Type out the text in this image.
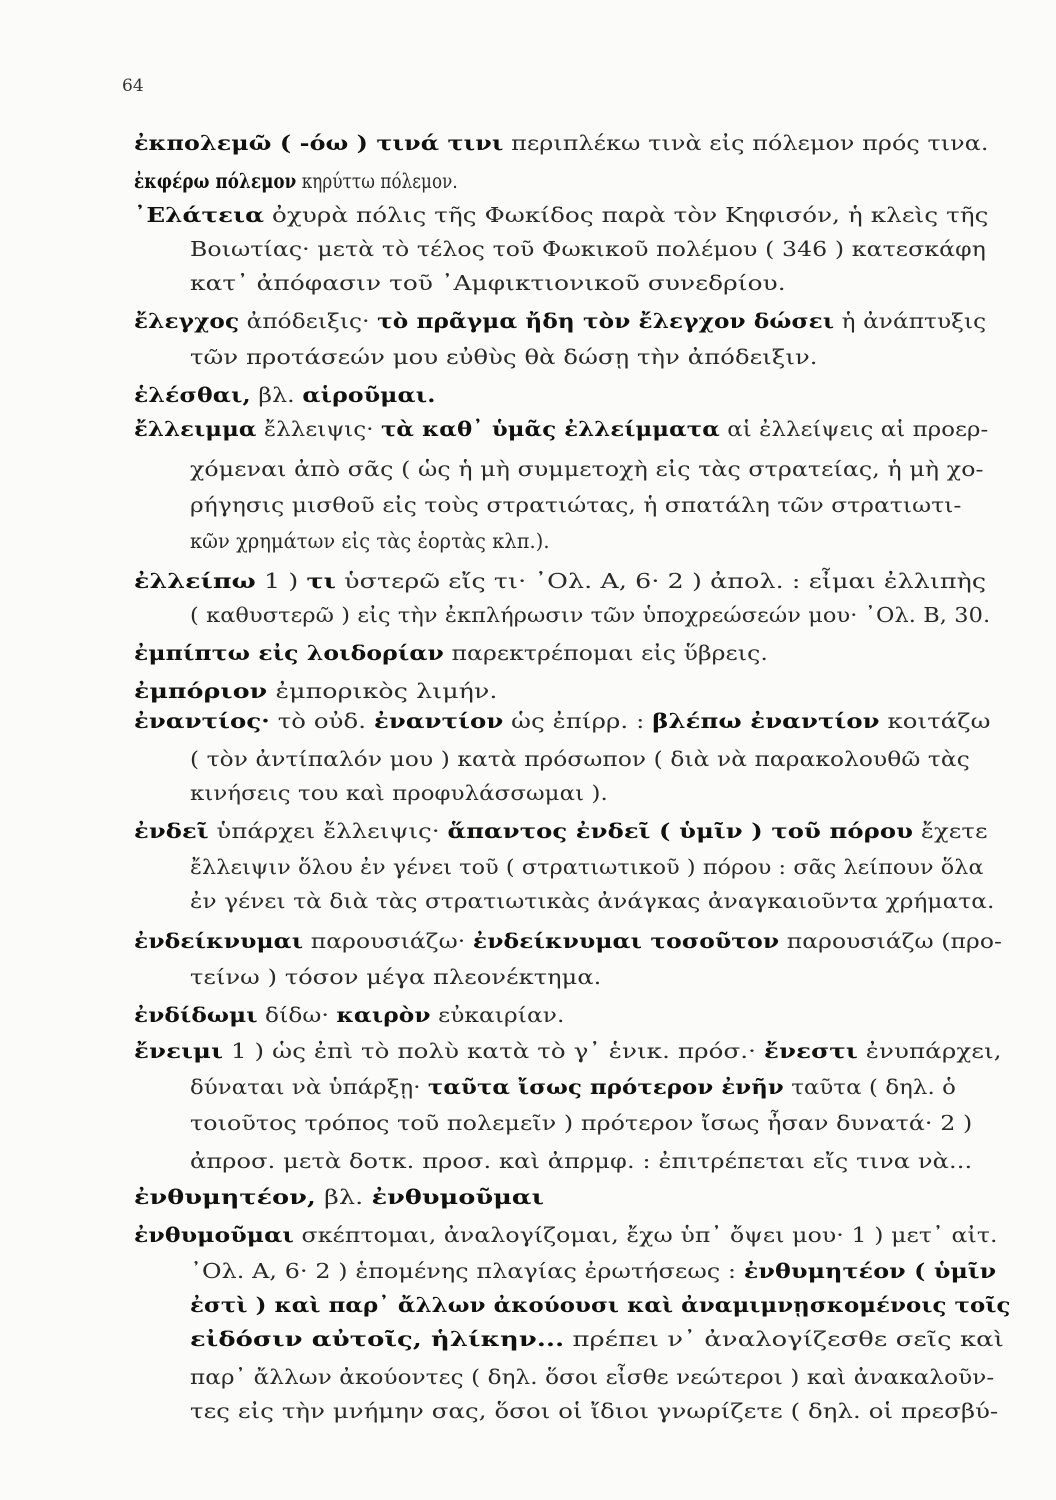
64
ἐκπολεμῶ ( -όω ) τινά τινι περιπλέκω τινὰ εἰς πόλεμον πρός τινα.
ἐκφέρω πόλεμον κηρύττω πόλεμον.
᾿Ελάτεια ὀχυρὰ πόλις τῆς Φωκίδος παρὰ τὸν Κηφισόν, ἡ κλεὶς τῆς
Βοιωτίας· μετὰ τὸ τέλος τοῦ Φωκικοῦ πολέμου ( 346 ) κατεσκάφη
κατ᾿ ἀπόφασιν τοῦ ᾿Αμφικτιονικοῦ συνεδρίου.
ἔλεγχος ἀπόδειξις· τὸ πρᾶγμα ἤδη τὸν ἔλεγχον δώσει ἡ ἀνάπτυξις
τῶν προτάσεών μου εὐθὺς θὰ δώσῃ τὴν ἀπόδειξιν.
ἑλέσθαι, βλ. αἱροῦμαι.
ἔλλειμμα ἔλλειψις· τὰ καθ᾿ ὑμᾶς ἐλλείμματα αἱ ἐλλείψεις αἱ προερ-
χόμεναι ἀπὸ σᾶς ( ὡς ἡ μὴ συμμετοχὴ εἰς τὰς στρατείας, ἡ μὴ χο-
ρήγησις μισθοῦ εἰς τοὺς στρατιώτας, ἡ σπατάλη τῶν στρατιωτι-
κῶν χρημάτων εἰς τὰς ἑορτὰς κλπ.).
ἐλλείπω 1 ) τι ὑστερῶ εἴς τι· ᾿Ολ. Α, 6· 2 ) ἀπολ. : εἶμαι ἐλλιπὴς
( καθυστερῶ ) εἰς τὴν ἐκπλήρωσιν τῶν ὑποχρεώσεών μου· ᾿Ολ. Β, 30.
ἐμπίπτω εἰς λοιδορίαν παρεκτρέπομαι εἰς ὕβρεις.
ἐμπόριον ἐμπορικὸς λιμήν.
ἐναντίος· τὸ οὐδ. ἐναντίον ὡς ἐπίρρ. : βλέπω ἐναντίον κοιτάζω
( τὸν ἀντίπαλόν μου ) κατὰ πρόσωπον ( διὰ νὰ παρακολουθῶ τὰς
κινήσεις του καὶ προφυλάσσωμαι ).
ἐνδεῖ ὑπάρχει ἔλλειψις· ἅπαντος ἐνδεῖ ( ὑμῖν ) τοῦ πόρου ἔχετε
ἔλλειψιν ὅλου ἐν γένει τοῦ ( στρατιωτικοῦ ) πόρου : σᾶς λείπουν ὅλα
ἐν γένει τὰ διὰ τὰς στρατιωτικὰς ἀνάγκας ἀναγκαιοῦντα χρήματα.
ἐνδείκνυμαι παρουσιάζω· ἐνδείκνυμαι τοσοῦτον παρουσιάζω (προ-
τείνω ) τόσον μέγα πλεονέκτημα.
ἐνδίδωμι δίδω· καιρὸν εὐκαιρίαν.
ἔνειμι 1 ) ὡς ἐπὶ τὸ πολὺ κατὰ τὸ γ᾿ ἑνικ. πρόσ.· ἔνεστι ἐνυπάρχει,
δύναται νὰ ὑπάρξῃ· ταῦτα ἴσως πρότερον ἐνῆν ταῦτα ( δηλ. ὁ
τοιοῦτος τρόπος τοῦ πολεμεῖν ) πρότερον ἴσως ἦσαν δυνατά· 2 )
ἀπροσ. μετὰ δοτκ. προσ. καὶ ἀπρμφ. : ἐπιτρέπεται εἴς τινα νὰ...
ἐνθυμητέον, βλ. ἐνθυμοῦμαι
ἐνθυμοῦμαι σκέπτομαι, ἀναλογίζομαι, ἔχω ὑπ᾿ ὄψει μου· 1 ) μετ᾿ αἰτ.
᾿Ολ. Α, 6· 2 ) ἑπομένης πλαγίας ἐρωτήσεως : ἐνθυμητέον ( ὑμῖν
ἐστὶ ) καὶ παρ᾿ ἄλλων ἀκούουσι καὶ ἀναμιμνῃσκομένοις τοῖς
εἰδόσιν αὐτοῖς, ἡλίκην... πρέπει ν᾿ ἀναλογίζεσθε σεῖς καὶ
παρ᾿ ἄλλων ἀκούοντες ( δηλ. ὅσοι εἶσθε νεώτεροι ) καὶ ἀνακαλοῦν-
τες εἰς τὴν μνήμην σας, ὅσοι οἱ ἴδιοι γνωρίζετε ( δηλ. οἱ πρεσβύ-
